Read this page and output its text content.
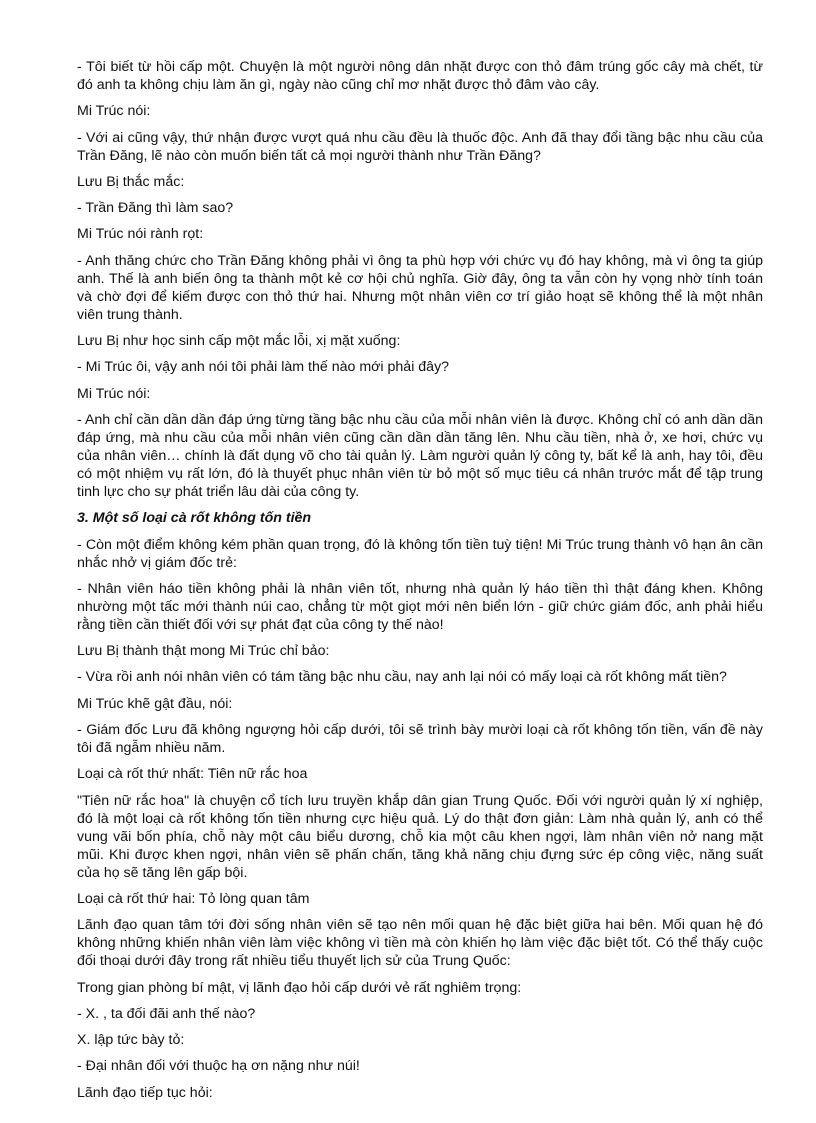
- Tôi biết từ hồi cấp một. Chuyện là một người nông dân nhặt được con thỏ đâm trúng gốc cây mà chết, từ đó anh ta không chịu làm ăn gì, ngày nào cũng chỉ mơ nhặt được thỏ đâm vào cây.

Mi Trúc nói:

- Với ai cũng vậy, thứ nhận được vượt quá nhu cầu đều là thuốc độc. Anh đã thay đổi tầng bậc nhu cầu của Trần Đăng, lẽ nào còn muốn biến tất cả mọi người thành như Trần Đăng?

Lưu Bị thắc mắc:

- Trần Đăng thì làm sao?

Mi Trúc nói rành rọt:

- Anh thăng chức cho Trần Đăng không phải vì ông ta phù hợp với chức vụ đó hay không, mà vì ông ta giúp anh. Thế là anh biến ông ta thành một kẻ cơ hội chủ nghĩa. Giờ đây, ông ta vẫn còn hy vọng nhờ tính toán và chờ đợi để kiếm được con thỏ thứ hai. Nhưng một nhân viên cơ trí giảo hoạt sẽ không thể là một nhân viên trung thành.

Lưu Bị như học sinh cấp một mắc lỗi, xị mặt xuống:

- Mi Trúc ôi, vậy anh nói tôi phải làm thế nào mới phải đây?

Mi Trúc nói:

- Anh chỉ cần dần dần đáp ứng từng tầng bậc nhu cầu của mỗi nhân viên là được. Không chỉ có anh dần dần đáp ứng, mà nhu cầu của mỗi nhân viên cũng cần dần dần tăng lên. Nhu cầu tiền, nhà ở, xe hơi, chức vụ của nhân viên… chính là đất dụng võ cho tài quản lý. Làm người quản lý công ty, bất kể là anh, hay tôi, đều có một nhiệm vụ rất lớn, đó là thuyết phục nhân viên từ bỏ một số mục tiêu cá nhân trước mắt để tập trung tinh lực cho sự phát triển lâu dài của công ty.

3. Một số loại cà rốt không tốn tiền

- Còn một điểm không kém phần quan trọng, đó là không tốn tiền tuỳ tiện! Mi Trúc trung thành vô hạn ân cần nhắc nhở vị giám đốc trẻ:

- Nhân viên háo tiền không phải là nhân viên tốt, nhưng nhà quản lý háo tiền thì thật đáng khen. Không nhường một tấc mới thành núi cao, chẳng từ một giọt mới nên biển lớn - giữ chức giám đốc, anh phải hiểu rằng tiền cần thiết đối với sự phát đạt của công ty thế nào!

Lưu Bị thành thật mong Mi Trúc chỉ bảo:

- Vừa rồi anh nói nhân viên có tám tầng bậc nhu cầu, nay anh lại nói có mấy loại cà rốt không mất tiền?

Mi Trúc khẽ gật đầu, nói:

- Giám đốc Lưu đã không ngượng hỏi cấp dưới, tôi sẽ trình bày mười loại cà rốt không tốn tiền, vấn đề này tôi đã ngẫm nhiều năm.

Loại cà rốt thứ nhất: Tiên nữ rắc hoa

"Tiên nữ rắc hoa" là chuyện cổ tích lưu truyền khắp dân gian Trung Quốc. Đối với người quản lý xí nghiệp, đó là một loại cà rốt không tốn tiền nhưng cực hiệu quả. Lý do thật đơn giản: Làm nhà quản lý, anh có thể vung vãi bốn phía, chỗ này một câu biểu dương, chỗ kia một câu khen ngợi, làm nhân viên nở nang mặt mũi. Khi được khen ngợi, nhân viên sẽ phấn chấn, tăng khả năng chịu đựng sức ép công việc, năng suất của họ sẽ tăng lên gấp bội.

Loại cà rốt thứ hai: Tỏ lòng quan tâm

Lãnh đạo quan tâm tới đời sống nhân viên sẽ tạo nên mối quan hệ đặc biệt giữa hai bên. Mối quan hệ đó không những khiến nhân viên làm việc không vì tiền mà còn khiến họ làm việc đặc biệt tốt. Có thể thấy cuộc đối thoại dưới đây trong rất nhiều tiểu thuyết lịch sử của Trung Quốc:

Trong gian phòng bí mật, vị lãnh đạo hỏi cấp dưới vẻ rất nghiêm trọng:

- X. , ta đối đãi anh thế nào?

X. lập tức bày tỏ:

- Đại nhân đối với thuộc hạ ơn nặng như núi!

Lãnh đạo tiếp tục hỏi:
